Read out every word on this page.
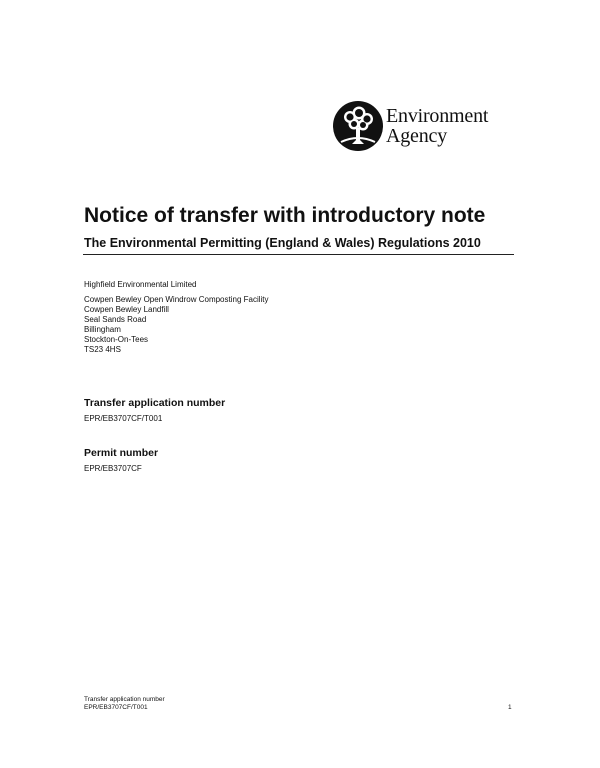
Environment
Agency
Notice of transfer with introductory note
The Environmental Permitting (England & Wales) Regulations 2010
Highfield Environmental Limited
Cowpen Bewley Open Windrow Composting Facility
Cowpen Bewley Landfill
Seal Sands Road
Billingham
Stockton-On-Tees
TS23 4HS
Transfer application number
EPR/EB3707CF/T001
Permit number
EPR/EB3707CF
Transfer application number
EPR/EB3707CF/T001	1
